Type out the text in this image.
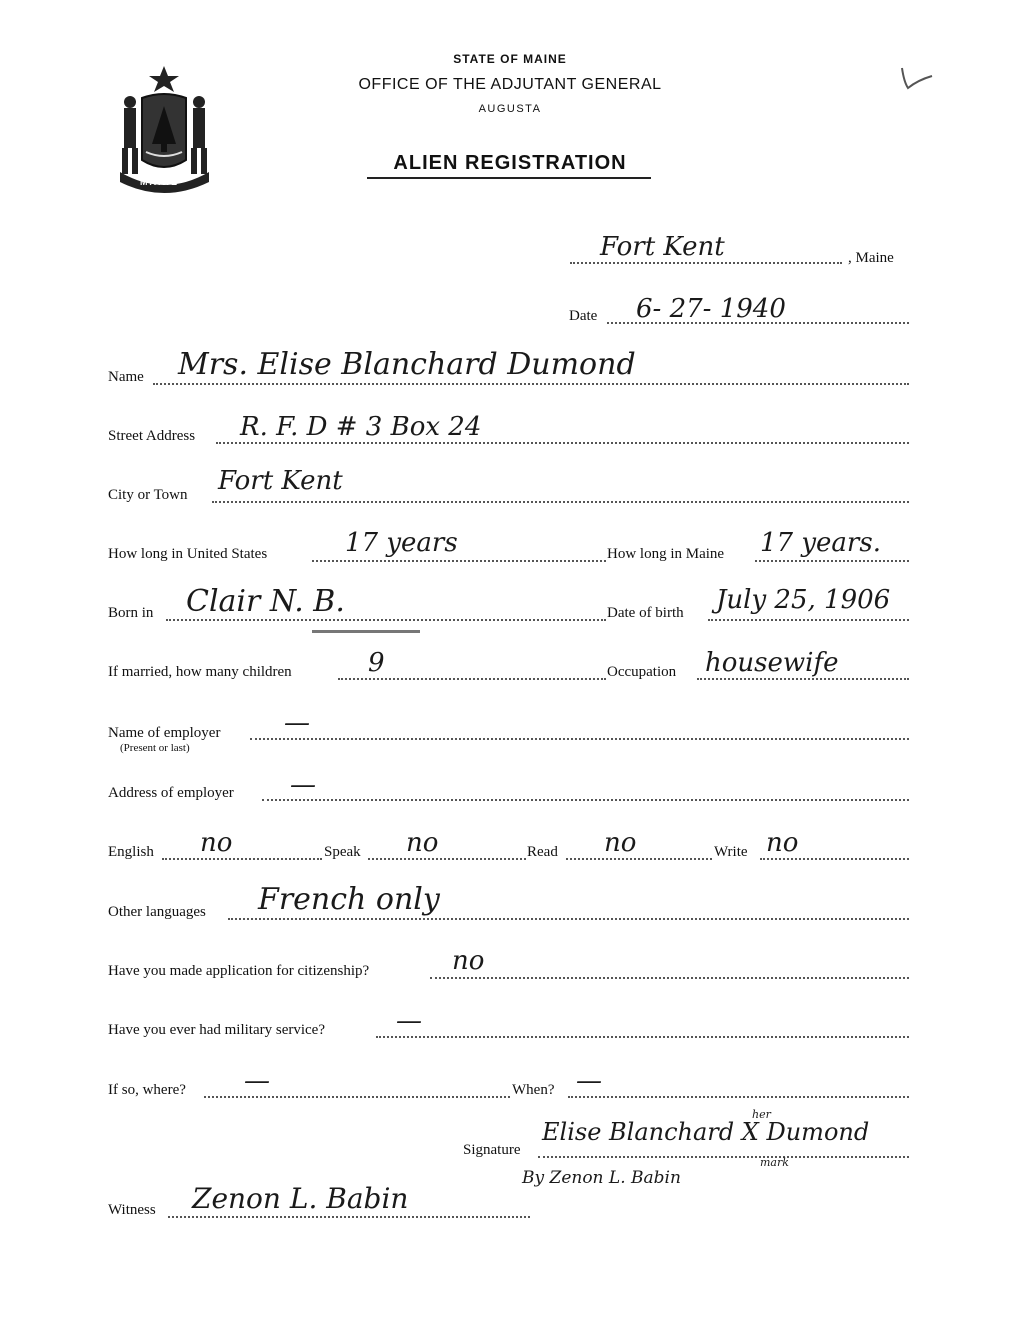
MAINE
STATE OF MAINE
OFFICE OF THE ADJUTANT GENERAL
AUGUSTA
ALIEN REGISTRATION
Fort Kent	, Maine
Date 6- 27- 1940
Name Mrs. Elise Blanchard Dumond
Street Address R. F. D # 3 Box 24
City or Town Fort Kent
How long in United States	17 years	How long in Maine 17 years.
Born in Clair N. B.	Date of birth July 25, 1906
If married, how many children	9	Occupation housewife
Name of employer
(Present or last)
—
Address of employer —
English no	Speak no	Read no	Write no
Other languages French only
Have you made application for citizenship?	no
Have you ever had military service?	—
If so, where? —	When? —
Signature
Elise Blanchard X Dumond
her
mark
By Zenon L. Babin
Witness Zenon L. Babin
